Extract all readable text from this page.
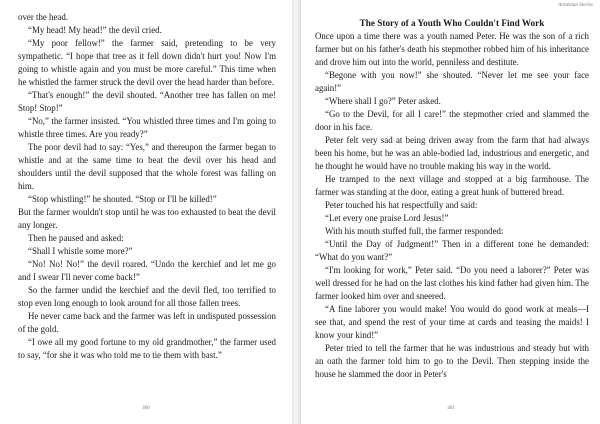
over the head.

“My head! My head!” the devil cried.

“My poor fellow!” the farmer said, pretending to be very sympathetic. “I hope that tree as it fell down didn't hurt you! Now I'm going to whistle again and you must be more careful.” This time when he whistled the farmer struck the devil over the head harder than before.

“That's enough!” the devil shouted. “Another tree has fallen on me! Stop! Stop!”

“No,” the farmer insisted. “You whistled three times and I'm going to whistle three times. Are you ready?”

The poor devil had to say: “Yes,” and thereupon the farmer began to whistle and at the same time to beat the devil over his head and shoulders until the devil supposed that the whole forest was falling on him.

“Stop whistling!” he shouted. “Stop or I'll be killed!”

But the farmer wouldn't stop until he was too exhausted to beat the devil any longer.

Then he paused and asked:

“Shall I whistle some more?”

“No! No! No!” the devil roared. “Undo the kerchief and let me go and I swear I'll never come back!”

So the farmer undid the kerchief and the devil fled, too terrified to stop even long enough to look around for all those fallen trees.

He never came back and the farmer was left in undisputed possession of the gold.

“I owe all my good fortune to my old grandmother,” the farmer used to say, “for she it was who told me to tie them with bast.”

400
Armenian Stories
The Story of a Youth Who Couldn't Find Work

Once upon a time there was a youth named Peter. He was the son of a rich farmer but on his father's death his stepmother robbed him of his inheritance and drove him out into the world, penniless and destitute.

“Begone with you now!” she shouted. “Never let me see your face again!”

“Where shall I go?” Peter asked.

“Go to the Devil, for all I care!” the stepmother cried and slammed the door in his face.

Peter felt very sad at being driven away from the farm that had always been his home, but he was an able-bodied lad, industrious and energetic, and he thought he would have no trouble making his way in the world.

He tramped to the next village and stopped at a big farmhouse. The farmer was standing at the door, eating a great hunk of buttered bread.

Peter touched his hat respectfully and said:

“Let every one praise Lord Jesus!”

With his mouth stuffed full, the farmer responded:

“Until the Day of Judgment!” Then in a different tone he demanded: “What do you want?”

“I'm looking for work,” Peter said. “Do you need a laborer?” Peter was well dressed for he had on the last clothes his kind father had given him. The farmer looked him over and sneered.

“A fine laborer you would make! You would do good work at meals—I see that, and spend the rest of your time at cards and teasing the maids! I know your kind!”

Peter tried to tell the farmer that he was industrious and steady but with an oath the farmer told him to go to the Devil. Then stepping inside the house he slammed the door in Peter's

401
